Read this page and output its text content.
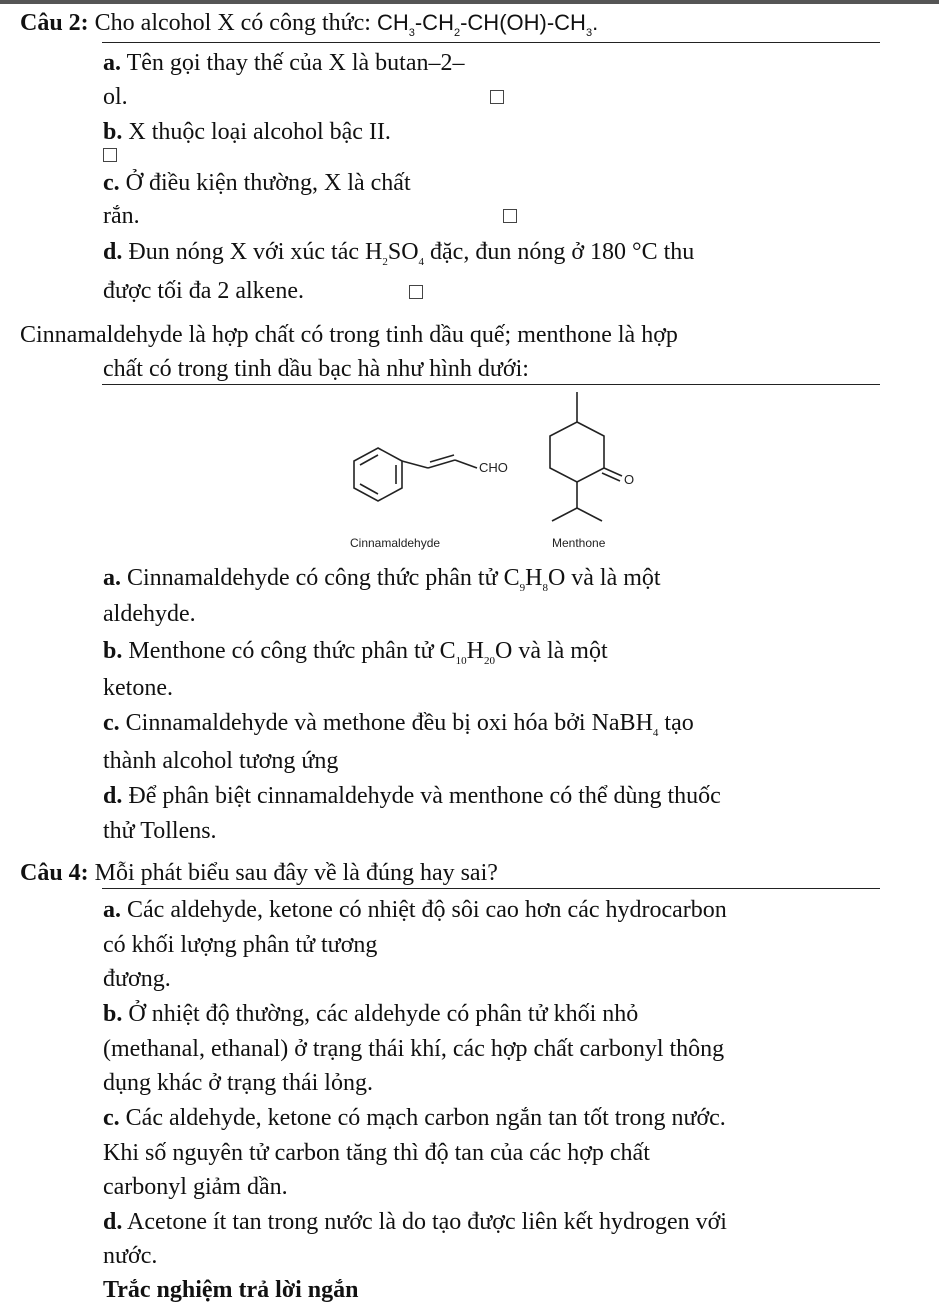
Câu 2: Cho alcohol X có công thức: $CH_3-CH_2-CH(OH)-CH_3$.
a. Tên gọi thay thế của X là butan–2–
ol.
b. X thuộc loại alcohol bậc II.
c. Ở điều kiện thường, X là chất
rắn.
d. Đun nóng X với xúc tác $H_2SO_4$ đặc, đun nóng ở 180 °C thu
được tối đa 2 alkene.
Cinnamaldehyde là hợp chất có trong tinh dầu quế; menthone là hợp
chất có trong tinh dầu bạc hà như hình dưới:
CHO
Cinnamaldehyde
O
Menthone
a. Cinnamaldehyde có công thức phân tử $C_9H_8O$ và là một
aldehyde.
b. Menthone có công thức phân tử $C_{10}H_{20}O$ và là một
ketone.
c. Cinnamaldehyde và methone đều bị oxi hóa bởi NaBH$_4$ tạo
thành alcohol tương ứng
d. Để phân biệt cinnamaldehyde và menthone có thể dùng thuốc
thử Tollens.
Câu 4: Mỗi phát biểu sau đây về là đúng hay sai?
a. Các aldehyde, ketone có nhiệt độ sôi cao hơn các hydrocarbon
có khối lượng phân tử tương
đương.
b. Ở nhiệt độ thường, các aldehyde có phân tử khối nhỏ
(methanal, ethanal) ở trạng thái khí, các hợp chất carbonyl thông
dụng khác ở trạng thái lỏng.
c. Các aldehyde, ketone có mạch carbon ngắn tan tốt trong nước.
Khi số nguyên tử carbon tăng thì độ tan của các hợp chất
carbonyl giảm dần.
d. Acetone ít tan trong nước là do tạo được liên kết hydrogen với
nước.
Trắc nghiệm trả lời ngắn
